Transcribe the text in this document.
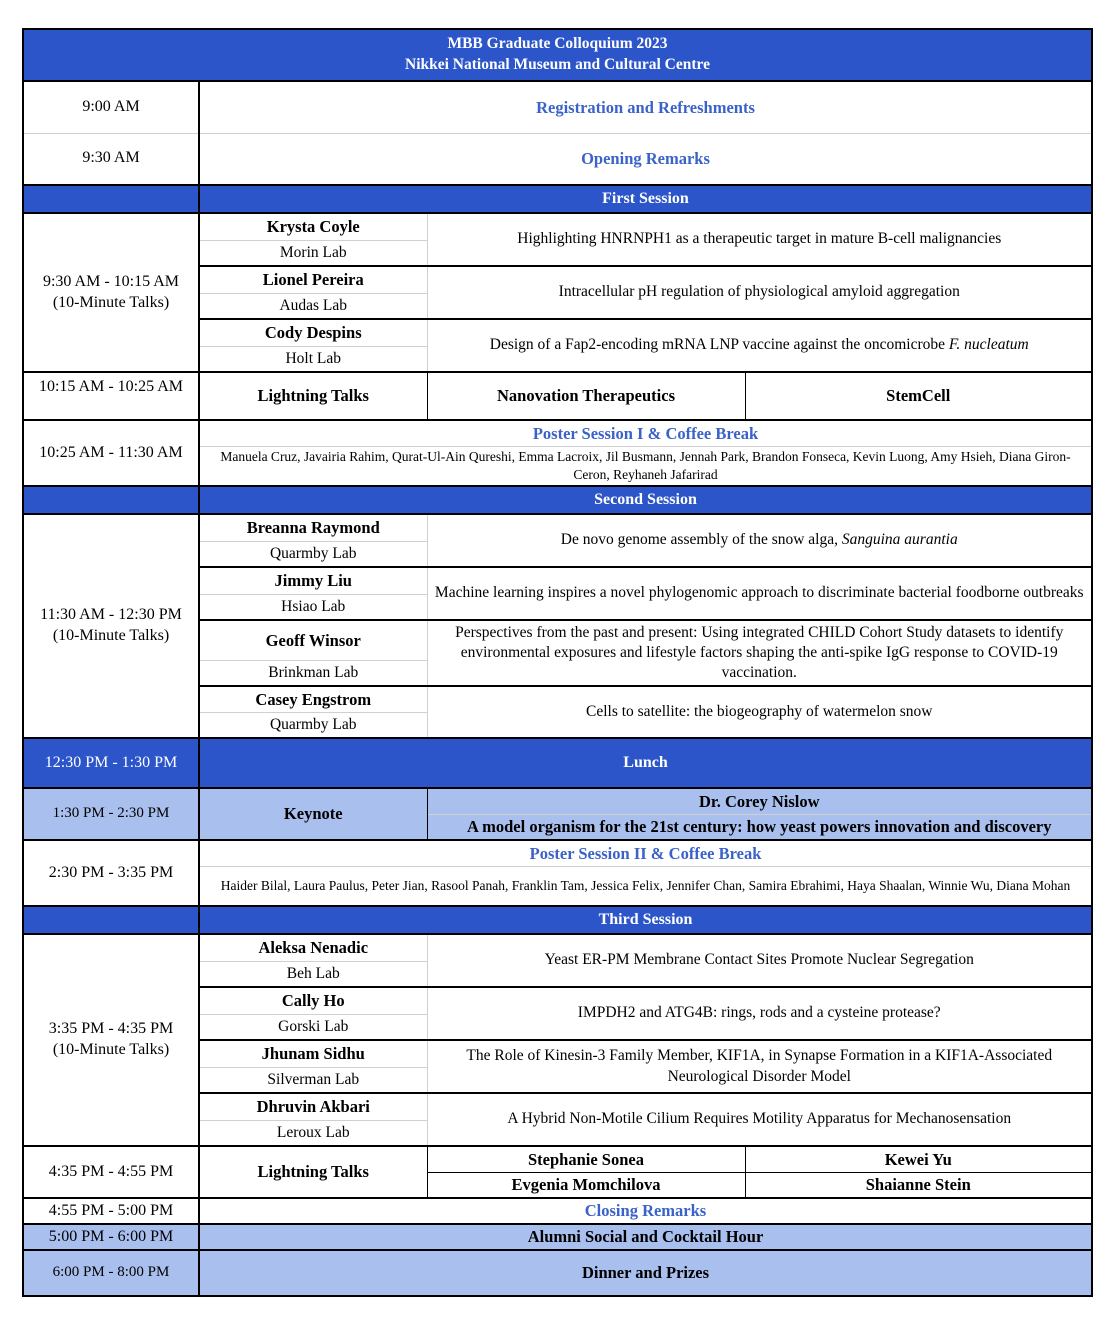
MBB Graduate Colloquium 2023
Nikkei National Museum and Cultural Centre			

9:00 AM	Registration and Refreshments		
9:30 AM	Opening Remarks		
	First Session		

9:30 AM - 10:15 AM
(10-Minute Talks)	Krysta Coyle	Highlighting HNRNPH1 as a therapeutic target in mature B-cell malignancies	
	Morin Lab		
	Lionel Pereira	Intracellular pH regulation of physiological amyloid aggregation	
	Audas Lab		
	Cody Despins	Design of a Fap2-encoding mRNA LNP vaccine against the oncomicrobe F. nucleatum	
	Holt Lab		
10:15 AM - 10:25 AM	Lightning Talks	Nanovation Therapeutics	StemCell
10:25 AM - 11:30 AM	Poster Session I & Coffee Break		
	Manuela Cruz, Javairia Rahim, Qurat-Ul-Ain Qureshi, Emma Lacroix, Jil Busmann, Jennah Park, Brandon Fonseca, Kevin Luong, Amy Hsieh, Diana Giron-Ceron, Reyhaneh Jafarirad		
	Second Session		

11:30 AM - 12:30 PM
(10-Minute Talks)	Breanna Raymond	De novo genome assembly of the snow alga, Sanguina aurantia	
	Quarmby Lab		
	Jimmy Liu	Machine learning inspires a novel phylogenomic approach to discriminate bacterial foodborne outbreaks	
	Hsiao Lab		
	Geoff Winsor	Perspectives from the past and present: Using integrated CHILD Cohort Study datasets to identify environmental exposures and lifestyle factors shaping the anti-spike IgG response to COVID-19 vaccination.	
	Brinkman Lab		
	Casey Engstrom	Cells to satellite: the biogeography of watermelon snow	
	Quarmby Lab		
12:30 PM - 1:30 PM	Lunch		
1:30 PM - 2:30 PM	Keynote	Dr. Corey Nislow	
		A model organism for the 21st century: how yeast powers innovation and discovery	
2:30 PM - 3:35 PM	Poster Session II & Coffee Break		
	Haider Bilal, Laura Paulus, Peter Jian, Rasool Panah, Franklin Tam, Jessica Felix, Jennifer Chan, Samira Ebrahimi, Haya Shaalan, Winnie Wu, Diana Mohan		
	Third Session		

3:35 PM - 4:35 PM
(10-Minute Talks)	Aleksa Nenadic	Yeast ER-PM Membrane Contact Sites Promote Nuclear Segregation	
	Beh Lab		
	Cally Ho	IMPDH2 and ATG4B: rings, rods and a cysteine protease?	
	Gorski Lab		
	Jhunam Sidhu	The Role of Kinesin-3 Family Member, KIF1A, in Synapse Formation in a KIF1A-Associated Neurological Disorder Model	
	Silverman Lab		
	Dhruvin Akbari	A Hybrid Non-Motile Cilium Requires Motility Apparatus for Mechanosensation	
	Leroux Lab		
4:35 PM - 4:55 PM	Lightning Talks	Stephanie Sonea	Kewei Yu
		Evgenia Momchilova	Shaianne Stein
4:55 PM - 5:00 PM	Closing Remarks		
5:00 PM - 6:00 PM	Alumni Social and Cocktail Hour		
6:00 PM - 8:00 PM	Dinner and Prizes		
